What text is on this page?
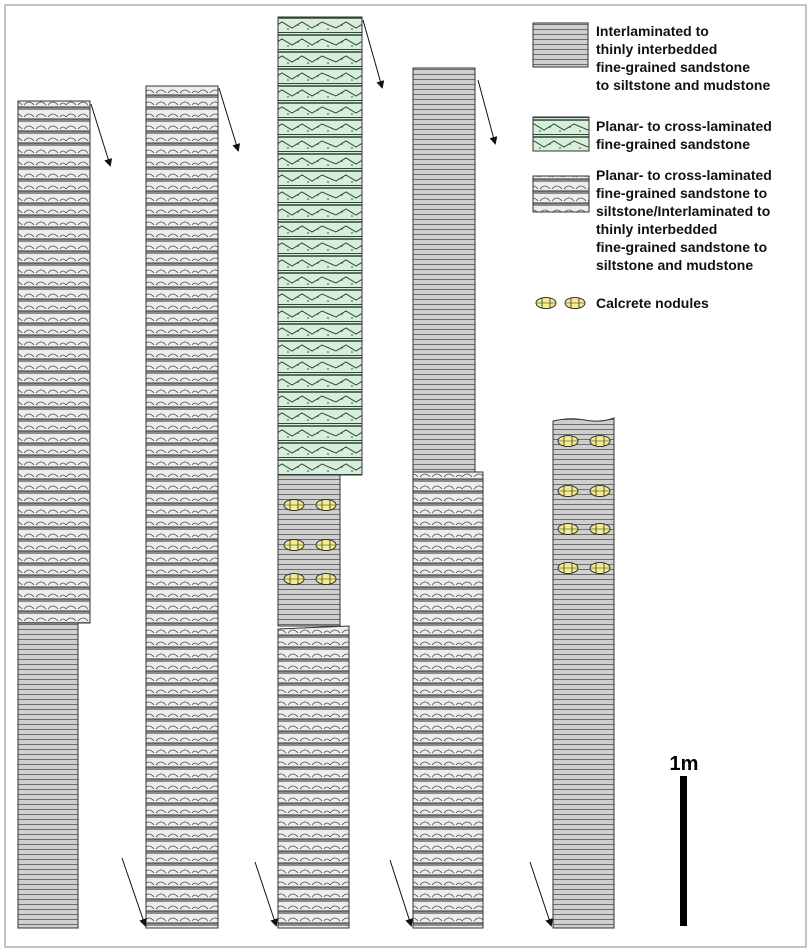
Interlaminated to thinly interbedded fine-grained sandstone to siltstone and mudstone
Planar- to cross-laminated fine-grained sandstone
Planar- to cross-laminated fine-grained sandstone to siltstone/Interlaminated to thinly interbedded fine-grained sandstone to siltstone and mudstone
Calcrete nodules
1m
